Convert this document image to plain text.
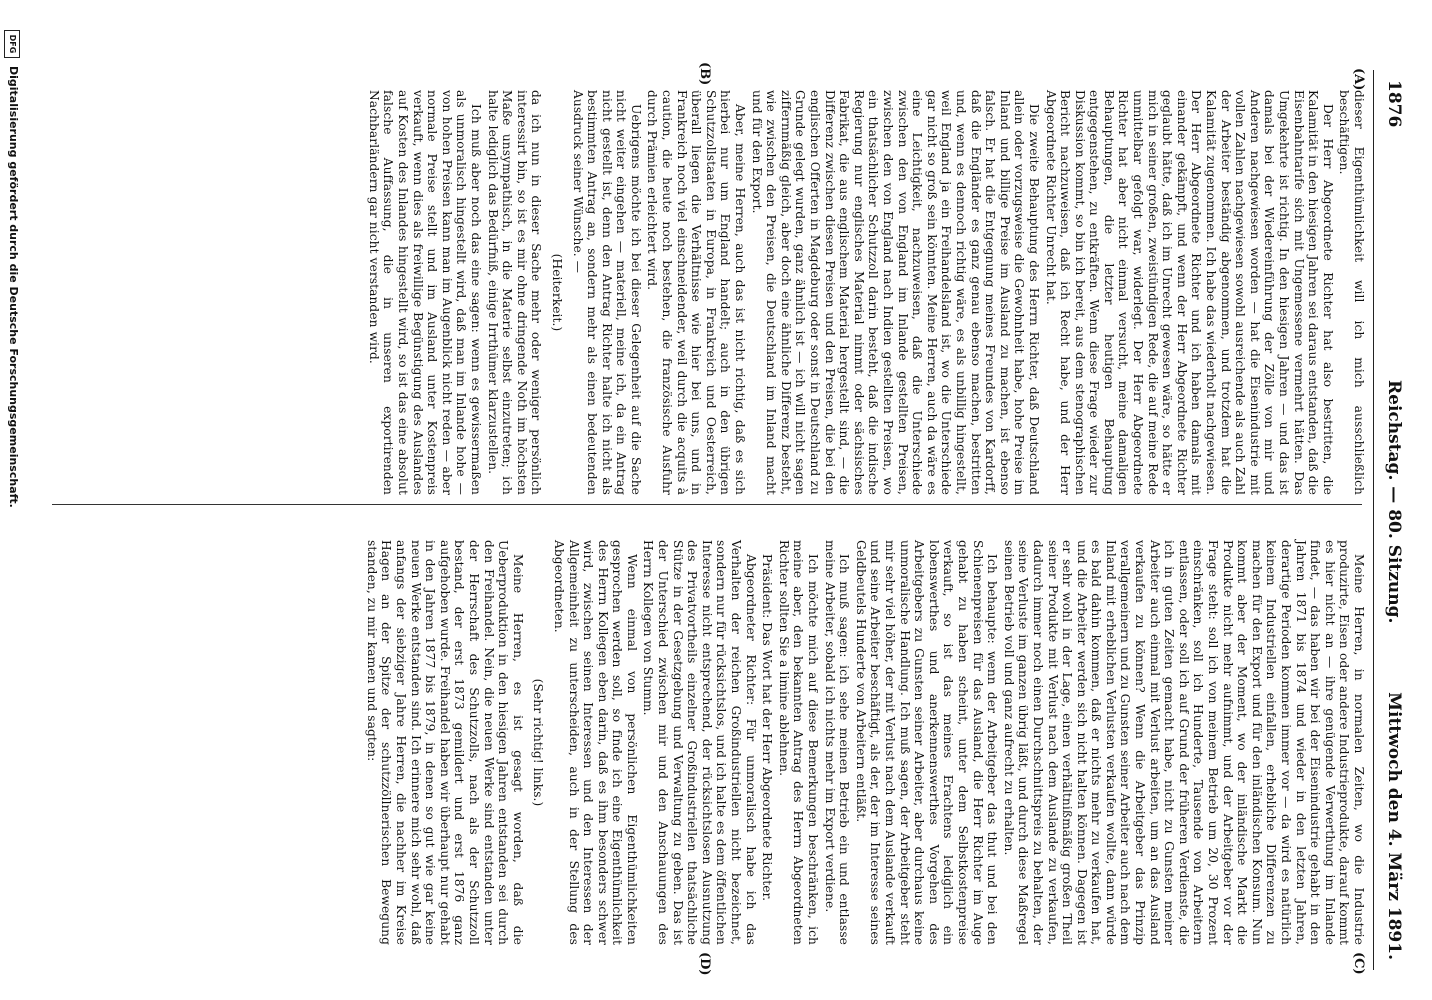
1876
Reichstag. — 80. Sitzung.
Mittwoch den 4. März 1891.
(A)
(B)
(C)
(D)

dieser Eigenthümlichkeit will ich mich ausschließlich beschäftigen.

Der Herr Abgeordnete Richter hat also bestritten, die Kalamität in den hiesigen Jahren sei daraus entstanden, daß die Eisenbahntarife sich mit Ungemessene vermehrt hätten. Das Umgekehrte ist richtig. In den hiesigen Jahren — und das ist damals bei der Wiedereinführung der Zölle von mir und Anderen nachgewiesen worden — hat die Eisenindustrie mit vollen Zahlen nachgewiesen sowohl ausreichende als auch Zahl der Arbeiter beständig abgenommen, und trotzdem hat die Kalamität zugenommen. Ich habe das wiederholt nachgewiesen. Der Herr Abgeordnete Richter und ich haben damals mit einander gekämpft, und wenn der Herr Abgeordnete Richter geglaubt hätte, daß ich im Unrecht gewesen wäre, so hätte er mich in seiner großen, zweistündigen Rede, die auf meine Rede unmittelbar gefolgt war, widerlegt. Der Herr Abgeordnete Richter hat aber nicht einmal versucht, meine damaligen Behauptungen, die letzter heutigen Behauptung entgegenstehen, zu entkräften. Wenn diese Frage wieder zur Diskussion kommt, so bin ich bereit, aus dem stenographischen Bericht nachzuweisen, daß ich Recht habe, und der Herr Abgeordnete Richter Unrecht hat.

Die zweite Behauptung des Herrn Richter, daß Deutschland allein oder vorzugsweise die Gewohnheit habe, hohe Preise im Inland und billige Preise im Ausland zu machen, ist ebenso falsch. Er hat die Entgegnung meines Freundes von Kardorff, daß die Engländer es ganz genau ebenso machen, bestritten und, wenn es dennoch richtig wäre, es als unbillig hingestellt, weil England ja ein Freihandelsland ist, wo die Unterschiede gar nicht so groß sein könnten. Meine Herren, auch da wäre es eine Leichtigkeit, nachzuweisen, daß die Unterschiede zwischen den von England im Inlande gestellten Preisen, zwischen den von England nach Indien gestellten Preisen, wo ein thatsächlicher Schutzzoll darin besteht, daß die indische Regierung nur englisches Material nimmt oder sächsisches Fabrikat, die aus englischem Material hergestellt sind, — die Differenz zwischen diesen Preisen und den Preisen, die bei den englischen Offerten in Magdeburg oder sonst in Deutschland zu Grunde gelegt wurden, ganz ähnlich ist — ich will nicht sagen ziffernmäßig gleich, aber doch eine ähnliche Differenz besteht, wie zwischen den Preisen, die Deutschland im Inland macht und für den Export.

Aber, meine Herren, auch das ist nicht richtig, daß es sich hierbei nur um England handelt; auch in den übrigen Schutzzollstaaten in Europa, in Frankreich und Oesterreich, überall liegen die Verhältnisse wie hier bei uns, und in Frankreich noch viel einschneidender, weil durch die acquits à caution, die heute noch bestehen, die französische Ausfuhr durch Prämien erleichtert wird.

Uebrigens möchte ich bei dieser Gelegenheit auf die Sache nicht weiter eingehen — materiell, meine ich, da ein Antrag nicht gestellt ist, denn den Antrag Richter halte ich nicht als bestimmten Antrag an, sondern mehr als einen bedeutenden Ausdruck seiner Wünsche. —

(Heiterkeit.)

da ich nun in dieser Sache mehr oder weniger persönlich interessirt bin, so ist es mir ohne dringende Noth im höchsten Maße unsympathisch, in die Materie selbst einzutreten; ich halte lediglich das Bedürfniß, einige Irrthümer klarzustellen.

Ich muß aber noch das eine sagen: wenn es gewissermaßen als unmoralisch hingestellt wird, daß man im Inlande hohe — von hohen Preisen kann man im Augenblick nicht reden — aber normale Preise stellt und im Ausland unter Kostenpreis verkauft, wenn dies als freiwillige Begünstigung des Auslandes auf Kosten des Inlandes hingestellt wird, so ist das eine absolut falsche Auffassung, die in unseren exportirenden Nachbarländern gar nicht verstanden wird.

Meine Herren, in normalen Zeiten, wo die Industrie produzirte, Eisen oder andere Industrieprodukte, darauf kommt es hier nicht an — ihre genügende Verwerthung im Inlande findet, — das haben wir bei der Eisenindustrie gehabt in den Jahren 1871 bis 1874 und wieder in den letzten Jahren, derartige Perioden kommen immer vor — da wird es natürlich keinem Industriellen einfallen, erhebliche Differenzen zu machen für den Export und für den inländischen Konsum. Nun kommt aber der Moment, wo der inländische Markt die Produkte nicht mehr aufnimmt, und der Arbeitgeber vor der Frage steht: soll ich von meinem Betrieb um 20, 30 Prozent einschränken, soll ich Hunderte, Tausende von Arbeitern entlassen, oder soll ich auf Grund der früheren Verdienste, die ich in guten Zeiten gemacht habe, nicht zu Gunsten meiner Arbeiter auch einmal mit Verlust arbeiten, um an das Ausland verkaufen zu können? Wenn die Arbeitgeber das Prinzip verallgemeinern und zu Gunsten seiner Arbeiter auch nach dem Inland mit erheblichen Verlusten verkaufen wollte, dann würde es bald dahin kommen, daß er nichts mehr zu verkaufen hat, und die Arbeiter werden sich nicht halten können. Dagegen ist er sehr wohl in der Lage, einen verhältnißmäßig großen Theil seiner Produkte mit Verlust nach dem Auslande zu verkaufen, dadurch immer noch einen Durchschnittspreis zu behalten, der seine Verluste im ganzen übrig läßt, und durch diese Maßregel seinen Betrieb voll und ganz aufrecht zu erhalten.

Ich behaupte: wenn der Arbeitgeber das thut und bei den Schienenpreisen für das Ausland, die Herr Richter im Auge gehabt zu haben scheint, unter dem Selbstkostenpreise verkauft, so ist das meines Erachtens lediglich ein lobenswerthes und anerkennenswerthes Vorgehen des Arbeitgebers zu Gunsten seiner Arbeiter, aber durchaus keine unmoralische Handlung. Ich muß sagen, der Arbeitgeber steht mir sehr viel höher, der mit Verlust nach dem Auslande verkauft und seine Arbeiter beschäftigt, als der, der im Interesse seines Geldbeutels Hunderte von Arbeitern entläßt.

Ich muß sagen: ich sehe meinen Betrieb ein und entlasse meine Arbeiter, sobald ich nichts mehr im Export verdiene.

Ich möchte mich auf diese Bemerkungen beschränken, ich meine aber, den bekannten Antrag des Herrn Abgeordneten Richter sollten Sie a limine ablehnen.

Präsident: Das Wort hat der Herr Abgeordnete Richter.

Abgeordneter Richter: Für unmoralisch habe ich das Verhalten der reichen Großindustriellen nicht bezeichnet, sondern nur für rücksichtslos, und ich halte es dem öffentlichen Interesse nicht entsprechend, der rücksichtslosen Ausnutzung des Privatvortheils einzelner Großindustriellen thatsächliche Stütze in der Gesetzgebung und Verwaltung zu geben. Das ist der Unterschied zwischen mir und den Anschauungen des Herrn Kollegen von Stumm.

Wenn einmal von persönlichen Eigenthümlichkeiten gesprochen werden soll, so finde ich eine Eigenthümlichkeit des Herrn Kollegen eben darin, daß es ihm besonders schwer wird, zwischen seinen Interessen und den Interessen der Allgemeinheit zu unterscheiden, auch in der Stellung des Abgeordneten.

(Sehr richtig! links.)

Meine Herren, es ist gesagt worden, daß die Ueberproduktion in den hiesigen Jahren entstanden sei durch den Freihandel. Nein, die neuen Werke sind entstanden unter der Herrschaft des Schutzzolls, nach als der Schutzzoll bestand, der erst 1873 gemildert und erst 1876 ganz aufgehoben wurde. Freihandel haben wir überhaupt nur gehabt in den Jahren 1877 bis 1879, in denen so gut wie gar keine neuen Werke entstanden sind. Ich erinnere mich sehr wohl, daß anfangs der siebziger Jahre Herren, die nachher im Kreise Hagen an der Spitze der schutzzöllnerischen Bewegung standen, zu mir kamen und sagten:

DFG
Digitalisierung gefördert durch die Deutsche Forschungsgemeinschaft.
